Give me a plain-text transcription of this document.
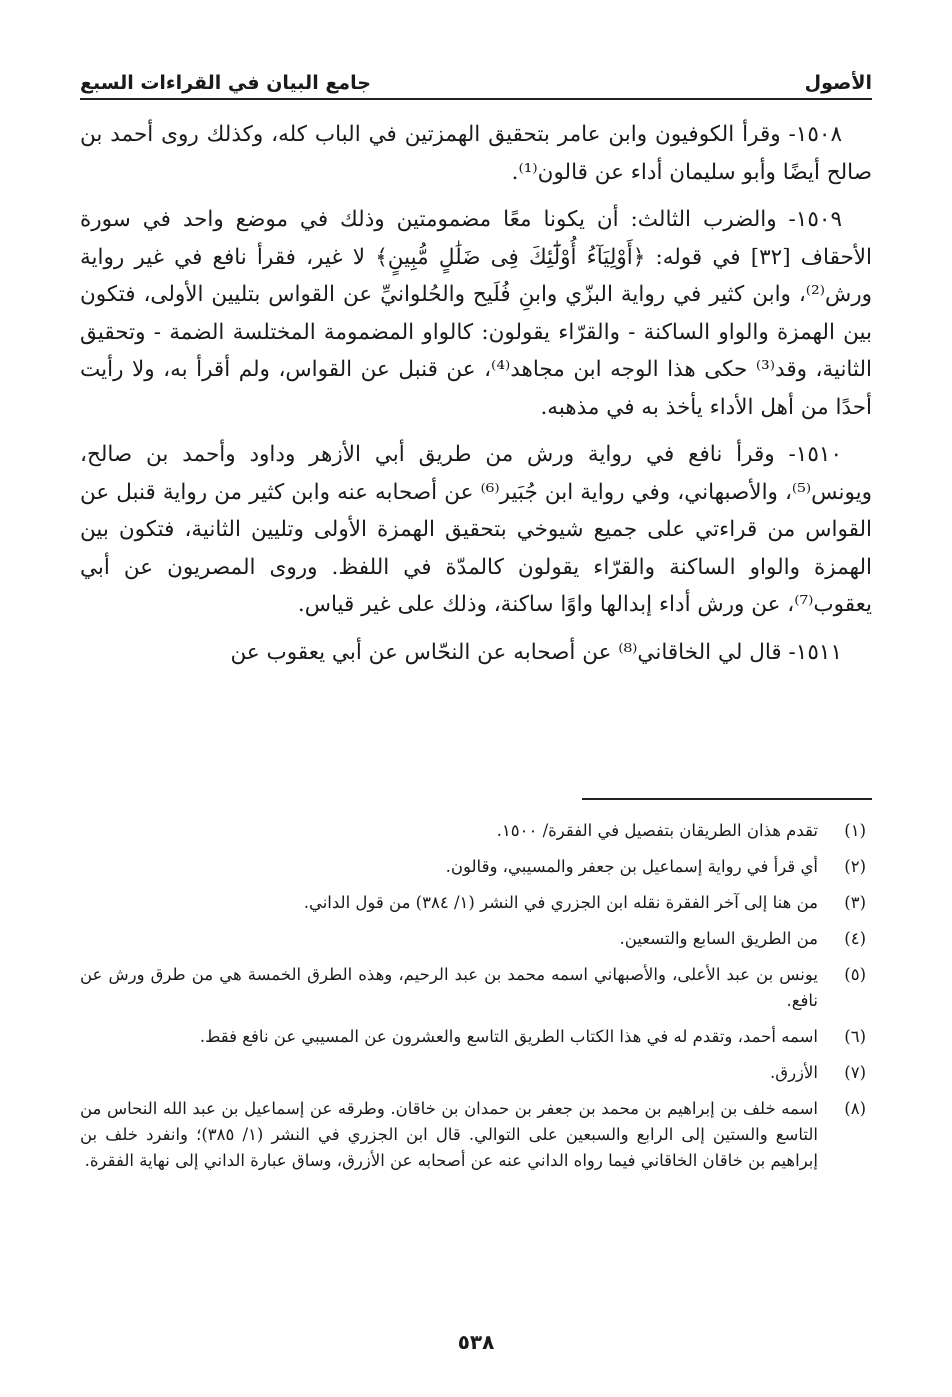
الأصول
جامع البيان في القراءات السبع

١٥٠٨- وقرأ الكوفيون وابن عامر بتحقيق الهمزتين في الباب كله، وكذلك روى أحمد بن صالح أيضًا وأبو سليمان أداء عن قالون⁽¹⁾.

١٥٠٩- والضرب الثالث: أن يكونا معًا مضمومتين وذلك في موضع واحد في سورة الأحقاف [٣٢] في قوله: ﴿أَوْلِيَآءُ أُوْلَٰٓئِكَ فِى ضَلَٰلٍ مُّبِينٍ﴾ لا غير، فقرأ نافع في غير رواية ورش⁽²⁾، وابن كثير في رواية البزّي وابنِ فُلَيح والحُلوانيِّ عن القواس بتليين الأولى، فتكون بين الهمزة والواو الساكنة - والقرّاء يقولون: كالواو المضمومة المختلسة الضمة - وتحقيق الثانية، وقد⁽³⁾ حكى هذا الوجه ابن مجاهد⁽⁴⁾، عن قنبل عن القواس، ولم أقرأ به، ولا رأيت أحدًا من أهل الأداء يأخذ به في مذهبه.

١٥١٠- وقرأ نافع في رواية ورش من طريق أبي الأزهر وداود وأحمد بن صالح، ويونس⁽⁵⁾، والأصبهاني، وفي رواية ابن جُبَير⁽⁶⁾ عن أصحابه عنه وابن كثير من رواية قنبل عن القواس من قراءتي على جميع شيوخي بتحقيق الهمزة الأولى وتليين الثانية، فتكون بين الهمزة والواو الساكنة والقرّاء يقولون كالمدّة في اللفظ. وروى المصريون عن أبي يعقوب⁽⁷⁾، عن ورش أداء إبدالها واوًا ساكنة، وذلك على غير قياس.

١٥١١- قال لي الخاقاني⁽⁸⁾ عن أصحابه عن النحّاس عن أبي يعقوب عن

(١)
تقدم هذان الطريقان بتفصيل في الفقرة/ ١٥٠٠.
(٢)
أي قرأ في رواية إسماعيل بن جعفر والمسيبي، وقالون.
(٣)
من هنا إلى آخر الفقرة نقله ابن الجزري في النشر (١/ ٣٨٤) من قول الداني.
(٤)
من الطريق السابع والتسعين.
(٥)
يونس بن عبد الأعلى، والأصبهاني اسمه محمد بن عبد الرحيم، وهذه الطرق الخمسة هي من طرق ورش عن نافع.
(٦)
اسمه أحمد، وتقدم له في هذا الكتاب الطريق التاسع والعشرون عن المسيبي عن نافع فقط.
(٧)
الأزرق.
(٨)
اسمه خلف بن إبراهيم بن محمد بن جعفر بن حمدان بن خاقان. وطرقه عن إسماعيل بن عبد الله النحاس من التاسع والستين إلى الرابع والسبعين على التوالي. قال ابن الجزري في النشر (١/ ٣٨٥)؛ وانفرد خلف بن إبراهيم بن خاقان الخاقاني فيما رواه الداني عنه عن أصحابه عن الأزرق، وساق عبارة الداني إلى نهاية الفقرة.
٥٣٨
